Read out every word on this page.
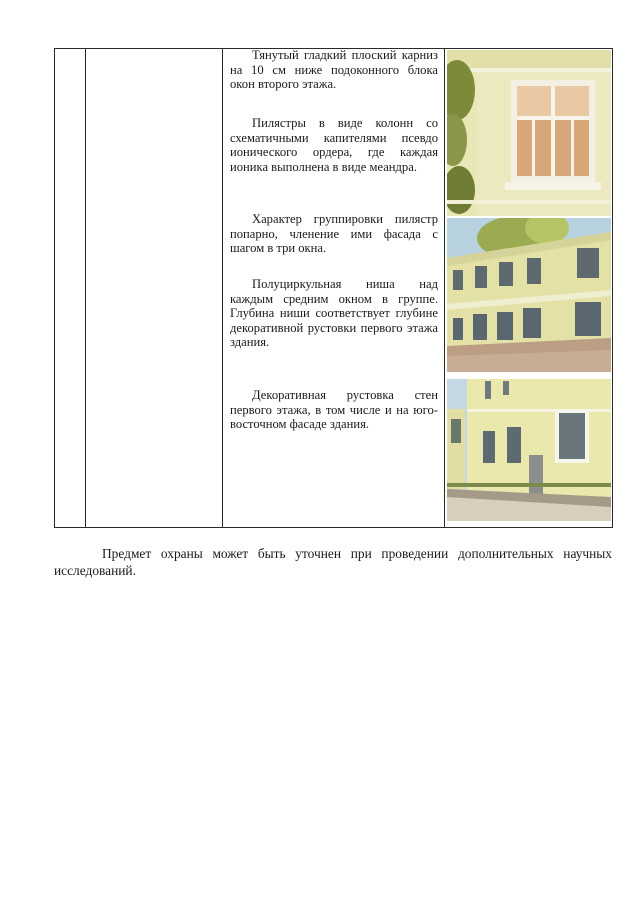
Тянутый гладкий плоский карниз на 10 см ниже подоконного блока окон второго этажа.

Пилястры в виде колонн со схематичными капителями псевдо ионического ордера, где каждая ионика выполнена в виде меандра.

Характер группировки пилястр попарно, членение ими фасада с шагом в три окна.

Полуциркульная ниша над каждым средним окном в группе. Глубина ниши соответствует глубине декоративной рустовки первого этажа здания.

Декоративная рустовка стен первого этажа, в том числе и на юго-восточном фасаде здания.

Предмет охраны может быть уточнен при проведении дополнительных научных исследований.
